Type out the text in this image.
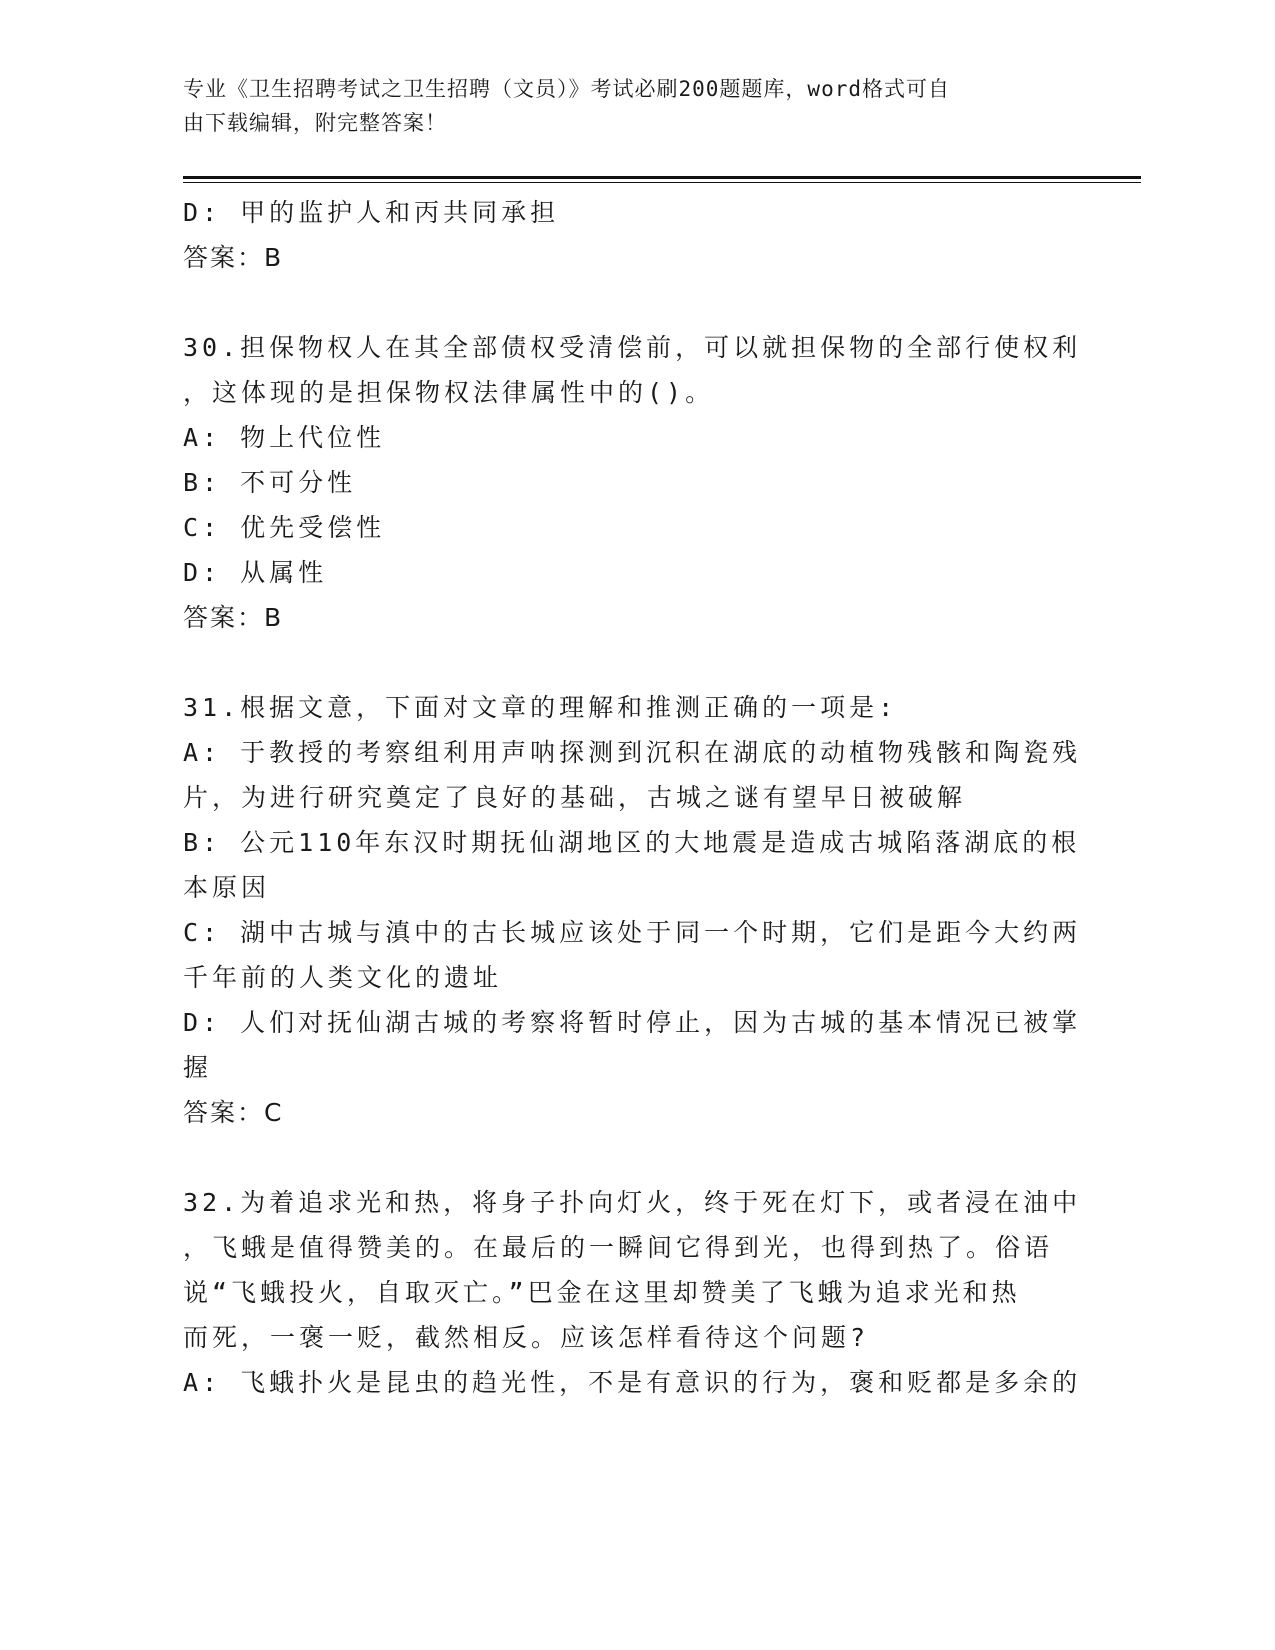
专业《卫生招聘考试之卫生招聘（文员）》考试必刷200题题库，word格式可自
由下载编辑，附完整答案！

D: 甲的监护人和丙共同承担

答案：B

30.担保物权人在其全部债权受清偿前，可以就担保物的全部行使权利

，这体现的是担保物权法律属性中的()。

A: 物上代位性

B: 不可分性

C: 优先受偿性

D: 从属性

答案：B

31.根据文意，下面对文章的理解和推测正确的一项是:

A: 于教授的考察组利用声呐探测到沉积在湖底的动植物残骸和陶瓷残

片，为进行研究奠定了良好的基础，古城之谜有望早日被破解

B: 公元110年东汉时期抚仙湖地区的大地震是造成古城陷落湖底的根

本原因

C: 湖中古城与滇中的古长城应该处于同一个时期，它们是距今大约两

千年前的人类文化的遗址

D: 人们对抚仙湖古城的考察将暂时停止，因为古城的基本情况已被掌

握

答案：C

32.为着追求光和热，将身子扑向灯火，终于死在灯下，或者浸在油中

，飞蛾是值得赞美的。在最后的一瞬间它得到光，也得到热了。俗语

说“飞蛾投火，自取灭亡。”巴金在这里却赞美了飞蛾为追求光和热

而死，一褒一贬，截然相反。应该怎样看待这个问题?

A: 飞蛾扑火是昆虫的趋光性，不是有意识的行为，褒和贬都是多余的
